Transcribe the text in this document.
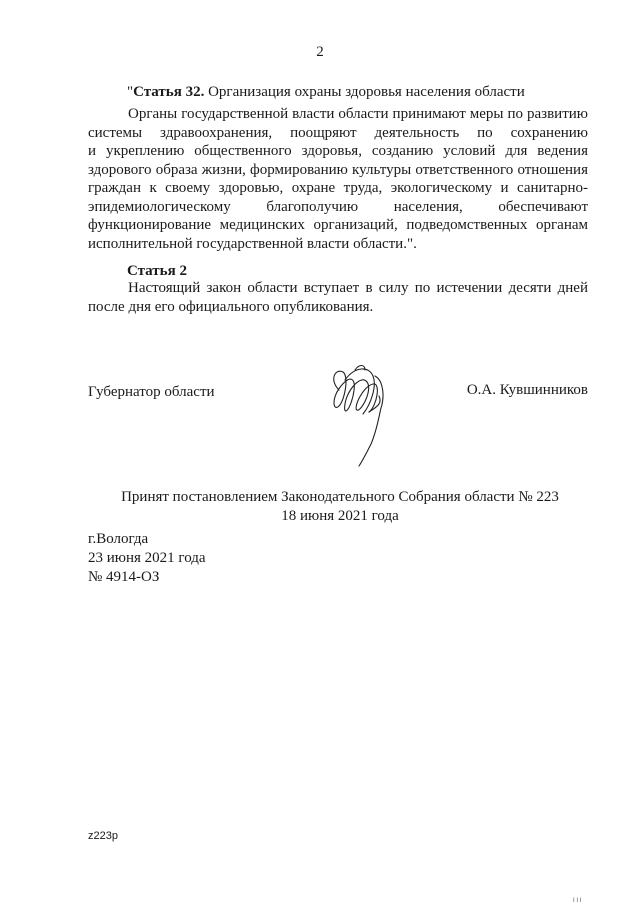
2
"Статья 32. Организация охраны здоровья населения области

Органы государственной власти области принимают меры по развитию
системы здравоохранения, поощряют деятельность по сохранению
и укреплению общественного здоровья, созданию условий для ведения
здорового образа жизни, формированию культуры ответственного отношения
граждан к своему здоровью, охране труда, экологическому и санитарно-
эпидемиологическому благополучию населения, обеспечивают
функционирование медицинских организаций, подведомственных органам
исполнительной государственной власти области.".

Статья 2

Настоящий закон области вступает в силу по истечении десяти дней
после дня его официального опубликования.

Губернатор области	О.А. Кувшинников
Принят постановлением Законодательного Собрания области № 223
18 июня 2021 года
г.Вологда
23 июня 2021 года
№ 4914-ОЗ
z223p
I I I
